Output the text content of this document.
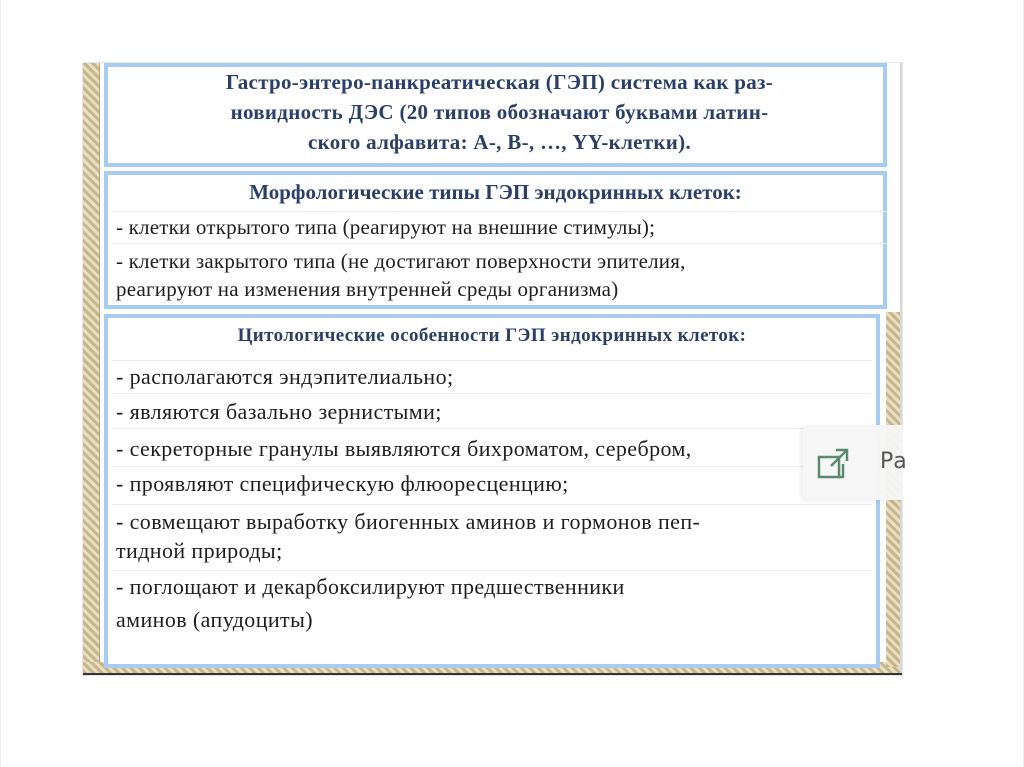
Гастро-энтеро-панкреатическая (ГЭП) система как раз-
новидность ДЭС (20 типов обозначают буквами латин-
ского алфавита: А-, В-, …, YY-клетки).
Морфологические типы ГЭП эндокринных клеток:
- клетки открытого типа (реагируют на внешние стимулы);
- клетки закрытого типа (не достигают поверхности эпителия,
реагируют на изменения внутренней среды организма)
Цитологические особенности ГЭП эндокринных клеток:
- располагаются эндэпителиально;
- являются базально зернистыми;
- секреторные гранулы выявляются бихроматом, серебром,
- проявляют специфическую флюоресценцию;
- совмещают выработку биогенных аминов и гормонов пеп-
тидной природы;
- поглощают и декарбоксилируют предшественники
аминов (апудоциты)
Ра
